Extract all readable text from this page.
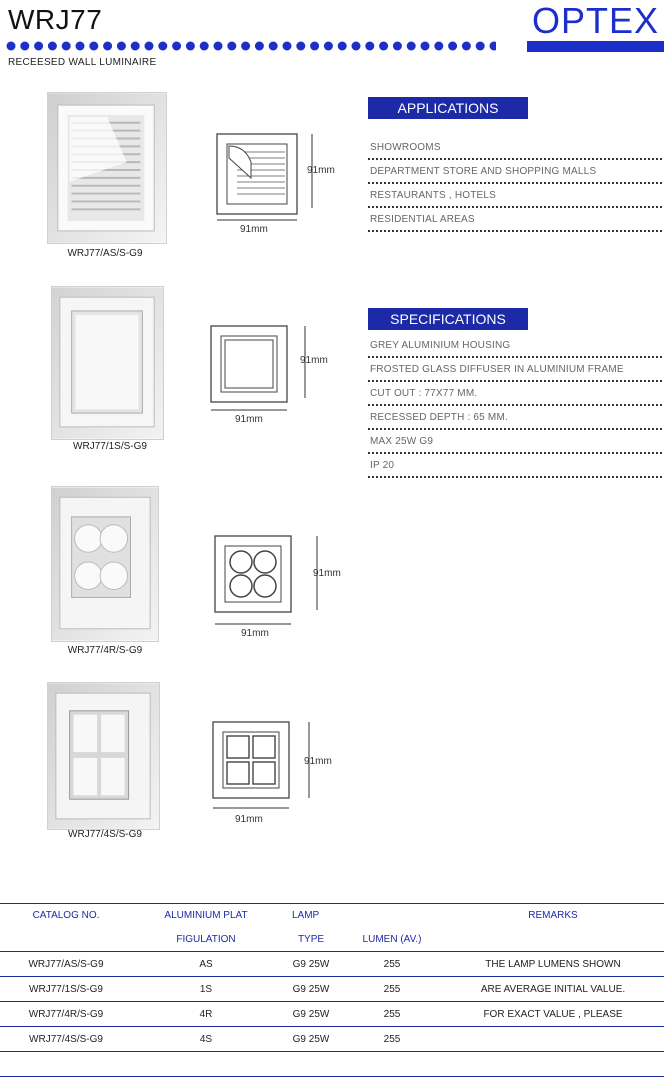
WRJ77	OPTEX
RECEESED WALL LUMINAIRE
WRJ77/AS/S-G9
91mm
91mm
WRJ77/1S/S-G9
91mm
91mm
WRJ77/4R/S-G9
91mm
91mm
WRJ77/4S/S-G9
91mm
91mm
APPLICATIONS
SHOWROOMS
DEPARTMENT STORE AND SHOPPING MALLS
RESTAURANTS , HOTELS
RESIDENTIAL AREAS
SPECIFICATIONS
GREY ALUMINIUM HOUSING
FROSTED GLASS DIFFUSER IN ALUMINIUM FRAME
CUT OUT : 77X77 MM.
RECESSED DEPTH : 65 MM.
MAX 25W G9
IP 20
CATALOG NO.	ALUMINIUM PLAT	LAMP		REMARKS
	FIGULATION	TYPE	LUMEN (AV.)	
WRJ77/AS/S-G9	AS	G9 25W	255	THE LAMP LUMENS SHOWN
WRJ77/1S/S-G9	1S	G9 25W	255	ARE AVERAGE INITIAL VALUE.
WRJ77/4R/S-G9	4R	G9 25W	255	FOR EXACT VALUE , PLEASE
WRJ77/4S/S-G9	4S	G9 25W	255	
